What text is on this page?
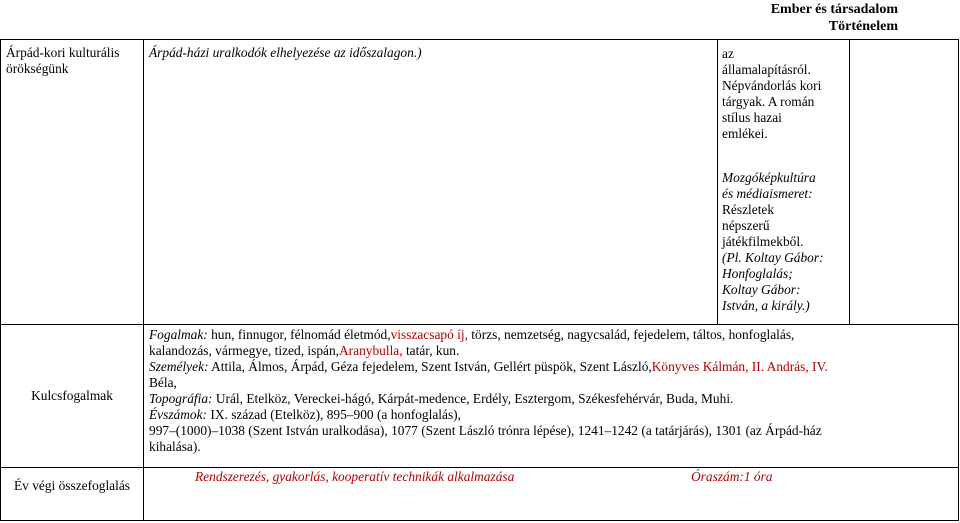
Ember és társadalom
Történelem
Árpád-kori kulturális örökségünk
Árpád-házi uralkodók elhelyezése az időszalagon.)	az
államalapításról.
Népvándorlás kori
tárgyak. A román
stílus hazai
emlékei.
Mozgóképkultúra
és médiaismeret:
Részletek
népszerű
játékfilmekből.
(Pl. Koltay Gábor:
Honfoglalás;
Koltay Gábor:
István, a király.)
Kulcsfogalmak

Fogalmak: hun, finnugor, félnomád életmód,visszacsapó íj, törzs, nemzetség, nagycsalád, fejedelem, táltos, honfoglalás,

kalandozás, vármegye, tized, ispán,Aranybulla, tatár, kun.

Személyek: Attila, Álmos, Árpád, Géza fejedelem, Szent István, Gellért püspök, Szent László,Könyves Kálmán, II. András, IV.

Béla,

Topográfia: Urál, Etelköz, Vereckei-hágó, Kárpát-medence, Erdély, Esztergom, Székesfehérvár, Buda, Muhi.

Évszámok: IX. század (Etelköz), 895–900 (a honfoglalás),

997–(1000)–1038 (Szent István uralkodása), 1077 (Szent László trónra lépése), 1241–1242 (a tatárjárás), 1301 (az Árpád-ház

kihalása).

Év végi összefoglalás
Rendszerezés, gyakorlás, kooperatív technikák alkalmazása	Óraszám:1 óra
